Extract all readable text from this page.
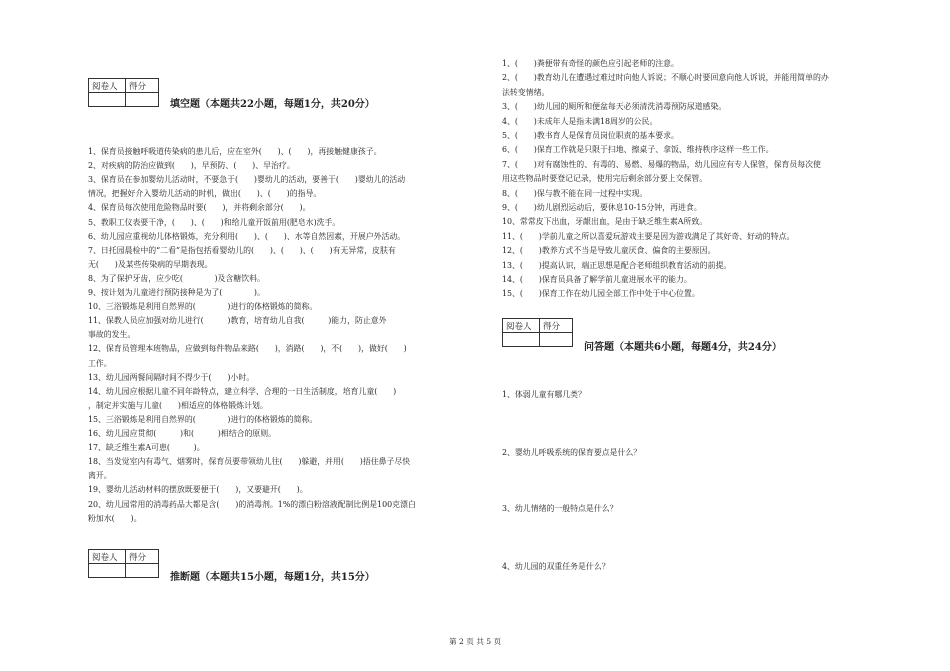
阅卷人	得分

填空题（本题共22小题，每题1分，共20分）
1、保育员接触呼吸道传染病的患儿后，应在室外(　　)、(　　)，再接触健康孩子。
2、对疾病的防治应做到(　　)，早预防、(　　)、早治疗。
3、保育员在参加婴幼儿活动时，不要急于(　　)婴幼儿的活动，要善于(　　)婴幼儿的活动
情况，把握好介入婴幼儿活动的时机，做出(　　)、(　　)的指导。
4、保育员每次使用危险物品时要(　　)，并将剩余部分(　　)。
5、教职工仪表要干净，(　　)、(　　)和给儿童开饭前用(肥皂水)洗手。
6、幼儿园应重视幼儿体格锻炼，充分利用(　　)、(　　)、水等自然因素，开展户外活动。
7、日托园晨检中的“二看”是指包括看婴幼儿的(　　)、(　　)、(　　)有无异常，皮肤有
无(　　)及某些传染病的早期表现。
8、为了保护牙齿，应少吃(　　　　)及含糖饮料。
9、按计划为儿童进行预防接种是为了(　　　　)。
10、三浴锻炼是利用自然界的(　　　　)进行的体格锻炼的简称。
11、保教人员应加强对幼儿进行(　　　)教育，培育幼儿自我(　　　)能力，防止意外
事故的发生。
12、保育员管理本班物品，应做到每件物品来路(　　)，消路(　　)，不(　　)，做好(　　)
工作。
13、幼儿园两餐间隔时间不得少于(　　)小时。
14、幼儿园应根据儿童不同年龄特点，建立科学、合理的一日生活制度，培育儿童(　　)
，制定并实施与儿童(　　)相适应的体格锻炼计划。
15、三浴锻炼是利用自然界的(　　　　)进行的体格锻炼的简称。
16、幼儿园应贯彻(　　　)和(　　　)相结合的原则。
17、缺乏维生素A可患(　　　)。
18、当发觉室内有毒气、烟雾时，保育员要带领幼儿往(　　)躲避，并用(　　)捂住鼻子尽快
离开。
19、婴幼儿活动材料的摆放既要便于(　　)，又要避开(　　)。
20、幼儿园常用的消毒药品大都是含(　　)的消毒剂。1%的漂白粉溶液配制比例是100克漂白
粉加水(　　)。
阅卷人	得分

推断题（本题共15小题，每题1分，共15分）
1、(　　)粪便带有奇怪的颜色应引起老师的注意。
2、(　　)教育幼儿在遭遇过难过时向他人诉说；不顺心时要回意向他人诉说，并能用简单的办
法转变情绪。
3、(　　)幼儿园的厕所和便盆每天必须清洗消毒预防尿道感染。
4、(　　)未成年人是指未满18周岁的公民。
5、(　　)教书育人是保育员岗位职责的基本要求。
6、(　　)保育工作就是只限于扫地、擦桌子、拿饭、维持秩序这样一些工作。
7、(　　)对有腐蚀性的、有毒的、易燃、易爆的物品，幼儿园应有专人保管，保育员每次使
用这些物品时要登记记录，使用完后剩余部分要上交保管。
8、(　　)保与教不能在同一过程中实现。
9、(　　)幼儿剧烈运动后，要休息10-15分钟，再进食。
10、常常皮下出血，牙龈出血，是由于缺乏维生素A所致。
11、(　　)学前儿童之所以喜爱玩游戏主要是因为游戏满足了其好奇、好动的特点。
12、(　　)教养方式不当是导致儿童厌食、偏食的主要原因。
13、(　　)提高认识，端正思想是配合老师组织教育活动的前提。
14、(　　)保育员具备了解学前儿童进展水平的能力。
15、(　　)保育工作在幼儿园全部工作中处于中心位置。
阅卷人	得分

问答题（本题共6小题，每题4分，共24分）
1、体弱儿童有哪几类？
2、婴幼儿呼吸系统的保育要点是什么？
3、幼儿情绪的一般特点是什么？
4、幼儿园的双重任务是什么？
第 2 页 共 5 页
